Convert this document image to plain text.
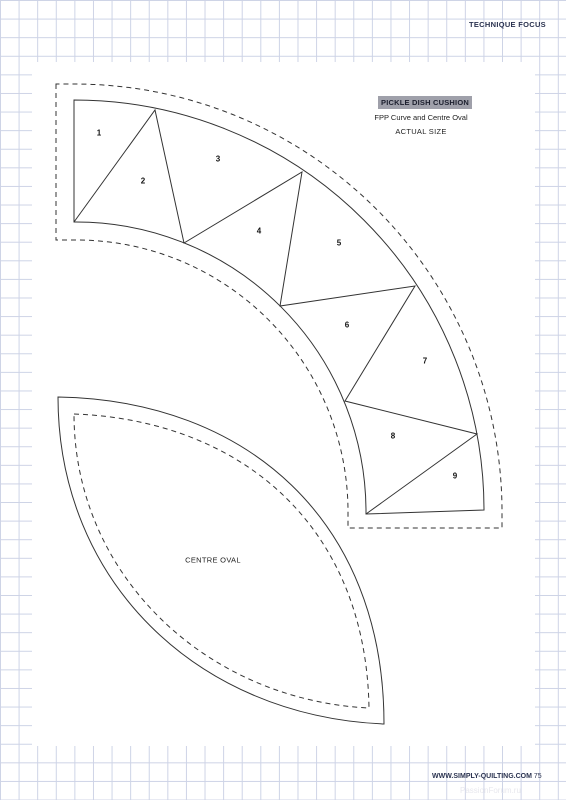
TECHNIQUE FOCUS
PICKLE DISH CUSHION
FPP Curve and Centre Oval
ACTUAL SIZE
1
2
3
4
5
6
7
8
9
CENTRE OVAL
WWW.SIMPLY-QUILTING.COM 75
PassionForum.ru
